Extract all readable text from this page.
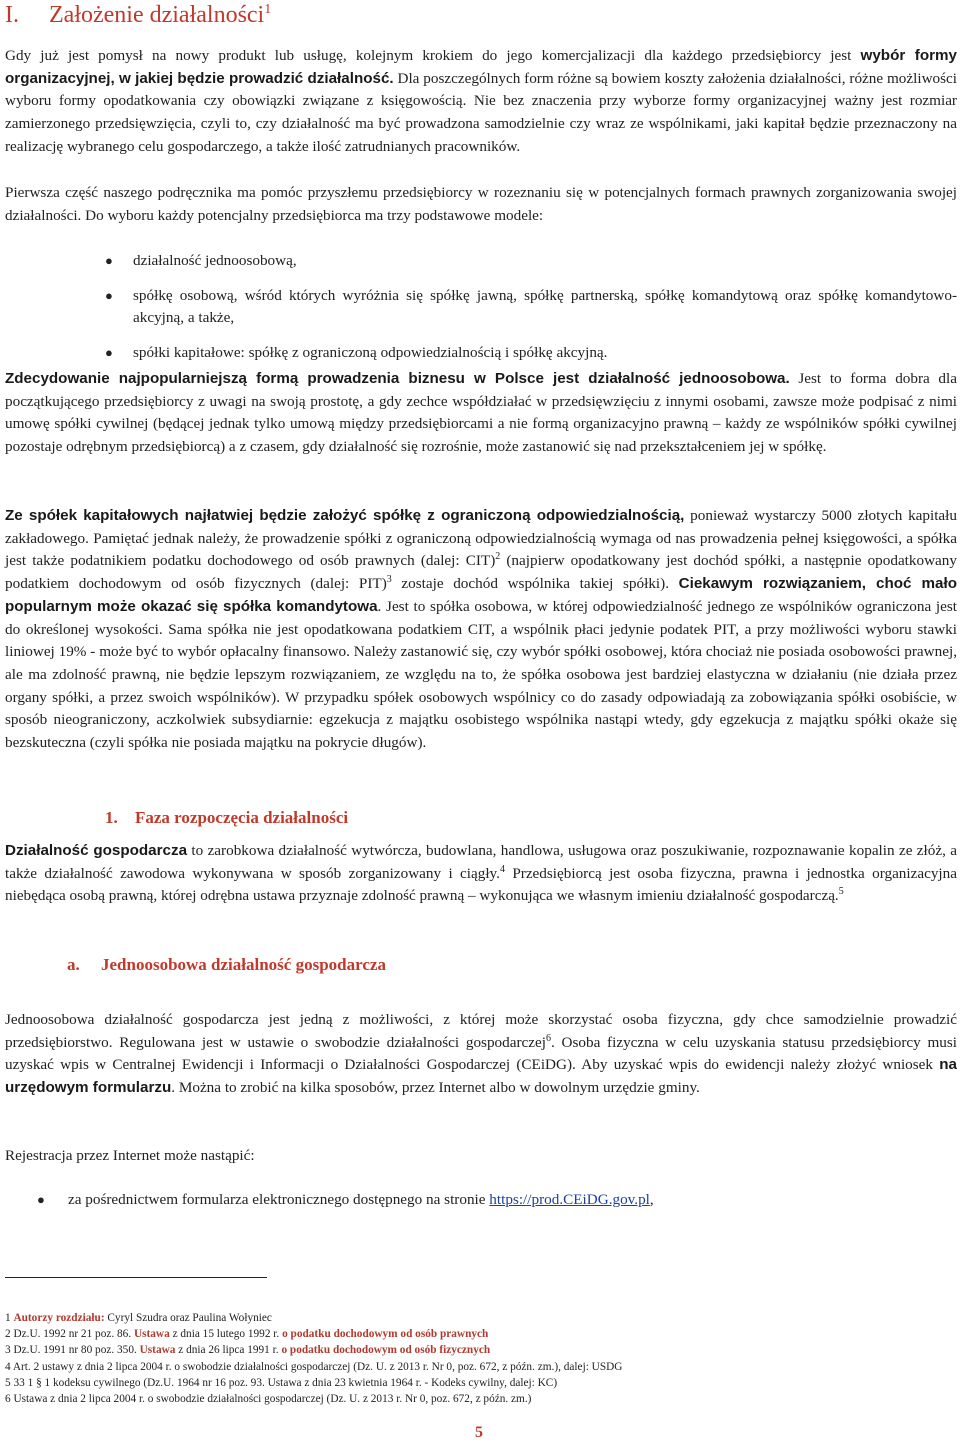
I. Założenie działalności$^1$

Gdy już jest pomysł na nowy produkt lub usługę, kolejnym krokiem do jego komercjalizacji dla każdego przedsiębiorcy jest wybór formy organizacyjnej, w jakiej będzie prowadzić działalność. Dla poszczególnych form różne są bowiem koszty założenia działalności, różne możliwości wyboru formy opodatkowania czy obowiązki związane z księgowością. Nie bez znaczenia przy wyborze formy organizacyjnej ważny jest rozmiar zamierzonego przedsięwzięcia, czyli to, czy działalność ma być prowadzona samodzielnie czy wraz ze wspólnikami, jaki kapitał będzie przeznaczony na realizację wybranego celu gospodarczego, a także ilość zatrudnianych pracowników.

Pierwsza część naszego podręcznika ma pomóc przyszłemu przedsiębiorcy w rozeznaniu się w potencjalnych formach prawnych zorganizowania swojej działalności. Do wyboru każdy potencjalny przedsiębiorca ma trzy podstawowe modele:

● działalność jednoosobową,
● spółkę osobową, wśród których wyróżnia się spółkę jawną, spółkę partnerską, spółkę komandytową oraz spółkę komandytowo-akcyjną, a także,
● spółki kapitałowe: spółkę z ograniczoną odpowiedzialnością i spółkę akcyjną.

Zdecydowanie najpopularniejszą formą prowadzenia biznesu w Polsce jest działalność jednoosobowa. Jest to forma dobra dla początkującego przedsiębiorcy z uwagi na swoją prostotę, a gdy zechce współdziałać w przedsięwzięciu z innymi osobami, zawsze może podpisać z nimi umowę spółki cywilnej (będącej jednak tylko umową między przedsiębiorcami a nie formą organizacyjno prawną – każdy ze wspólników spółki cywilnej pozostaje odrębnym przedsiębiorcą) a z czasem, gdy działalność się rozrośnie, może zastanowić się nad przekształceniem jej w spółkę.

Ze spółek kapitałowych najłatwiej będzie założyć spółkę z ograniczoną odpowiedzialnością, ponieważ wystarczy 5000 złotych kapitału zakładowego. Pamiętać jednak należy, że prowadzenie spółki z ograniczoną odpowiedzialnością wymaga od nas prowadzenia pełnej księgowości, a spółka jest także podatnikiem podatku dochodowego od osób prawnych (dalej: CIT)$^2$ (najpierw opodatkowany jest dochód spółki, a następnie opodatkowany podatkiem dochodowym od osób fizycznych (dalej: PIT)$^3$ zostaje dochód wspólnika takiej spółki). Ciekawym rozwiązaniem, choć mało popularnym może okazać się spółka komandytowa. Jest to spółka osobowa, w której odpowiedzialność jednego ze wspólników ograniczona jest do określonej wysokości. Sama spółka nie jest opodatkowana podatkiem CIT, a wspólnik płaci jedynie podatek PIT, a przy możliwości wyboru stawki liniowej 19% - może być to wybór opłacalny finansowo. Należy zastanowić się, czy wybór spółki osobowej, która chociaż nie posiada osobowości prawnej, ale ma zdolność prawną, nie będzie lepszym rozwiązaniem, ze względu na to, że spółka osobowa jest bardziej elastyczna w działaniu (nie działa przez organy spółki, a przez swoich wspólników). W przypadku spółek osobowych wspólnicy co do zasady odpowiadają za zobowiązania spółki osobiście, w sposób nieograniczony, aczkolwiek subsydiarnie: egzekucja z majątku osobistego wspólnika nastąpi wtedy, gdy egzekucja z majątku spółki okaże się bezskuteczna (czyli spółka nie posiada majątku na pokrycie długów).

1. Faza rozpoczęcia działalności

Działalność gospodarcza to zarobkowa działalność wytwórcza, budowlana, handlowa, usługowa oraz poszukiwanie, rozpoznawanie kopalin ze złóż, a także działalność zawodowa wykonywana w sposób zorganizowany i ciągły.$^4$ Przedsiębiorcą jest osoba fizyczna, prawna i jednostka organizacyjna niebędąca osobą prawną, której odrębna ustawa przyznaje zdolność prawną – wykonująca we własnym imieniu działalność gospodarczą.$^5$

a. Jednoosobowa działalność gospodarcza

Jednoosobowa działalność gospodarcza jest jedną z możliwości, z której może skorzystać osoba fizyczna, gdy chce samodzielnie prowadzić przedsiębiorstwo. Regulowana jest w ustawie o swobodzie działalności gospodarczej$^6$. Osoba fizyczna w celu uzyskania statusu przedsiębiorcy musi uzyskać wpis w Centralnej Ewidencji i Informacji o Działalności Gospodarczej (CEiDG). Aby uzyskać wpis do ewidencji należy złożyć wniosek na urzędowym formularzu. Można to zrobić na kilka sposobów, przez Internet albo w dowolnym urzędzie gminy.

Rejestracja przez Internet może nastąpić:

● za pośrednictwem formularza elektronicznego dostępnego na stronie https://prod.CEiDG.gov.pl,
1 Autorzy rozdziału: Cyryl Szudra oraz Paulina Wołyniec
2 Dz.U. 1992 nr 21 poz. 86. Ustawa z dnia 15 lutego 1992 r. o podatku dochodowym od osób prawnych
3 Dz.U. 1991 nr 80 poz. 350. Ustawa z dnia 26 lipca 1991 r. o podatku dochodowym od osób fizycznych
4 Art. 2 ustawy z dnia 2 lipca 2004 r. o swobodzie działalności gospodarczej (Dz. U. z 2013 r. Nr 0, poz. 672, z późn. zm.), dalej: USDG
5 33 1 § 1 kodeksu cywilnego (Dz.U. 1964 nr 16 poz. 93. Ustawa z dnia 23 kwietnia 1964 r. - Kodeks cywilny, dalej: KC)
6 Ustawa z dnia 2 lipca 2004 r. o swobodzie działalności gospodarczej (Dz. U. z 2013 r. Nr 0, poz. 672, z późn. zm.)
5
